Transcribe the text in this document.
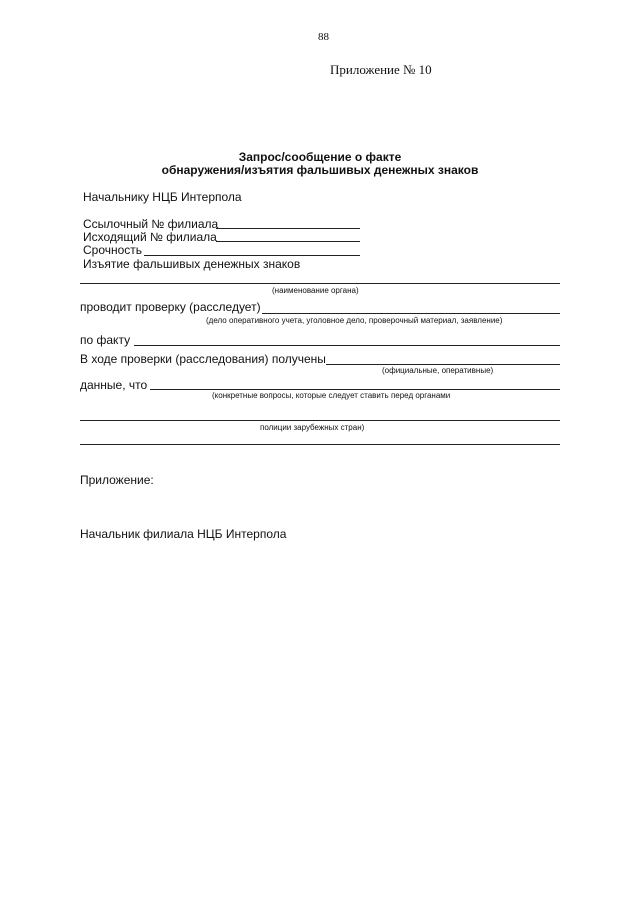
88
Приложение № 10
Запрос/сообщение о факте
обнаружения/изъятия фальшивых денежных знаков
Начальнику НЦБ Интерпола
Ссылочный № филиала
Исходящий № филиала
Срочность
Изъятие фальшивых денежных знаков
(наименование органа)
проводит проверку (расследует)
(дело оперативного учета, уголовное дело, проверочный материал, заявление)
по факту
В ходе проверки (расследования) получены
(официальные, оперативные)
данные, что
(конкретные вопросы, которые следует ставить перед органами
полиции зарубежных стран)
Приложение:
Начальник филиала НЦБ Интерпола
